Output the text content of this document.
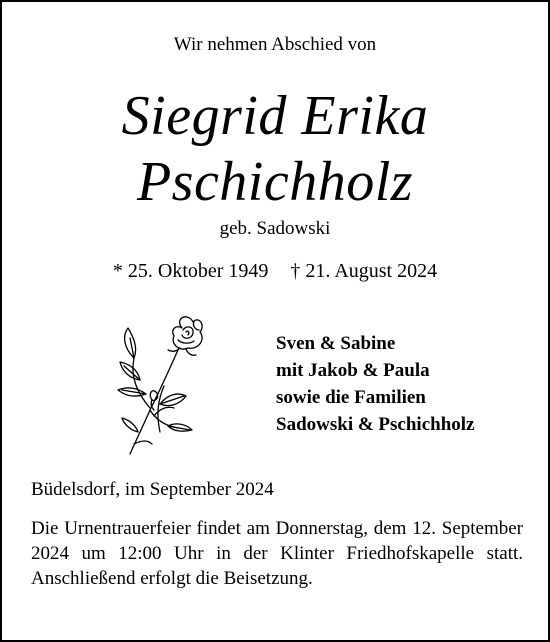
Wir nehmen Abschied von
Siegrid Erika
Pschichholz
geb. Sadowski
* 25. Oktober 1949 † 21. August 2024
Sven & Sabine
mit Jakob & Paula
sowie die Familien
Sadowski & Pschichholz
Büdelsdorf, im September 2024
Die Urnentrauerfeier findet am Donnerstag, dem 12. September 2024 um 12:00 Uhr in der Klinter Friedhofskapelle statt. Anschließend erfolgt die Beisetzung.
